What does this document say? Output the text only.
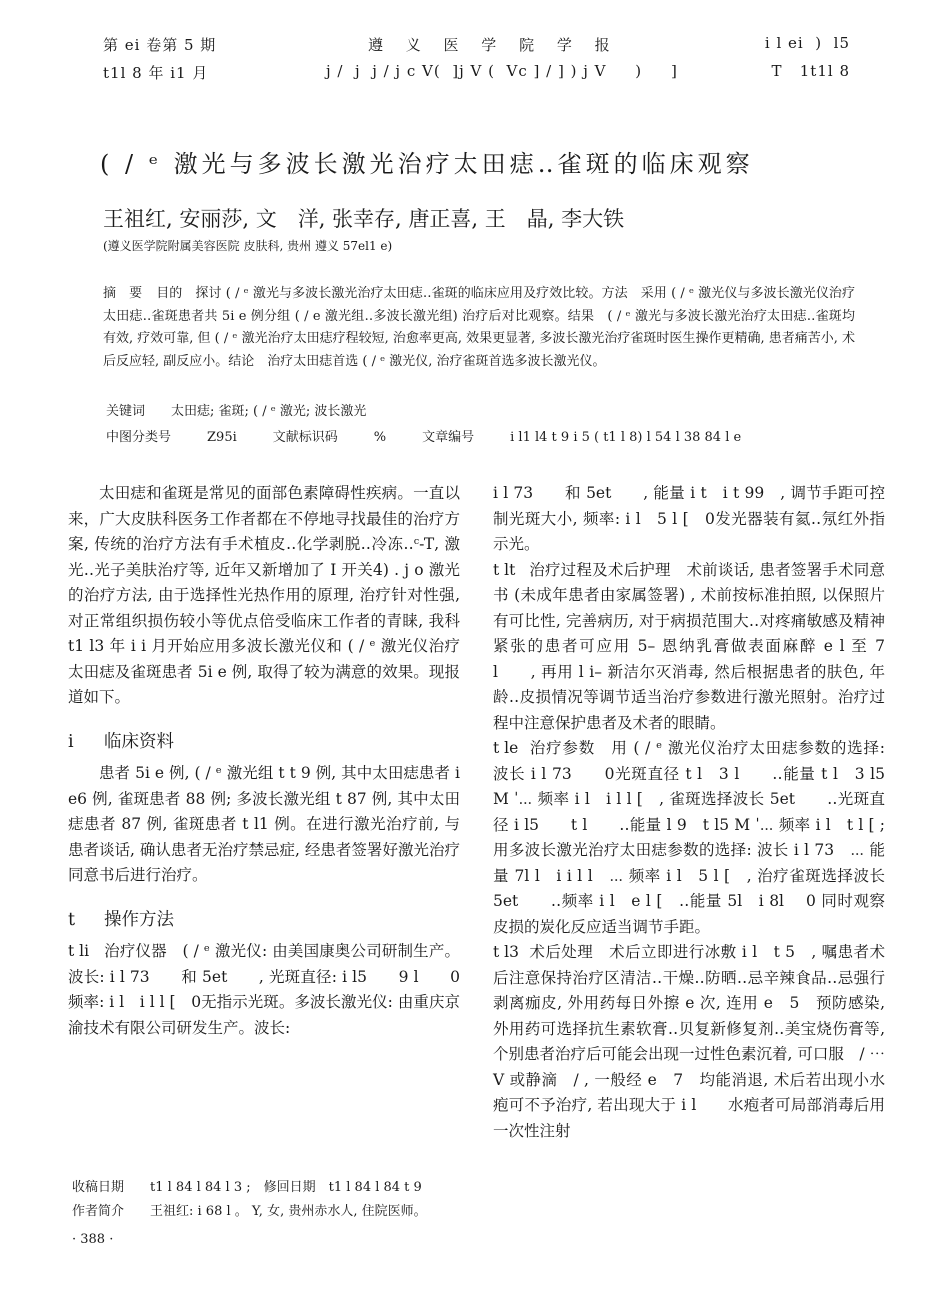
第 ei 卷第 5 期
t1l 8 年 i1 月
遵 义 医 学 院 学 报
j /  j  j / j c V(  ]j V (  Vc ] / ] ) j V     )     ]
i l ei  )  l5
T   1t1l 8
( / ᵉ 激光与多波长激光治疗太田痣‥雀斑的临床观察
王祖红, 安丽莎, 文　洋, 张幸存, 唐正喜, 王　晶, 李大铁
(遵义医学院附属美容医院 皮肤科, 贵州 遵义 57el1 e)
摘　要 目的　探讨 ( / ᵉ 激光与多波长激光治疗太田痣‥雀斑的临床应用及疗效比较。方法　采用 ( / ᵉ 激光仪与多波长激光仪治疗太田痣‥雀斑患者共 5i e 例分组 ( / e 激光组‥多波长激光组) 治疗后对比观察。结果　( / ᵉ 激光与多波长激光治疗太田痣‥雀斑均有效, 疗效可靠, 但 ( / ᵉ 激光治疗太田痣疗程较短, 治愈率更高, 效果更显著, 多波长激光治疗雀斑时医生操作更精确, 患者痛苦小, 术后反应轻, 副反应小。结论　治疗太田痣首选 ( / ᵉ 激光仪, 治疗雀斑首选多波长激光仪。
关键词 太田痣; 雀斑; ( / ᵉ 激光; 波长激光
中图分类号	Z95i	文献标识码	%	文章编号	i l1 l4 t 9 i 5 ( t1 l 8) l 54 l 38 84 l e

太田痣和雀斑是常见的面部色素障碍性疾病。一直以来，广大皮肤科医务工作者都在不停地寻找最佳的治疗方案, 传统的治疗方法有手术植皮‥化学剥脱‥冷冻‥ᶜ-T‚ 激光‥光子美肤治疗等, 近年又新增加了 I 开关4) . j o 激光的治疗方法, 由于选择性光热作用的原理, 治疗针对性强, 对正常组织损伤较小等优点倍受临床工作者的青睐, 我科 t1 l3 年 i i 月开始应用多波长激光仪和 ( / ᵉ 激光仪治疗太田痣及雀斑患者 5i e 例, 取得了较为满意的效果。现报道如下。

i 临床资料

患者 5i e 例, ( / ᵉ 激光组 t t 9 例, 其中太田痣患者 i e6 例, 雀斑患者 88 例; 多波长激光组 t 87 例, 其中太田痣患者 87 例, 雀斑患者 t l1 例。在进行激光治疗前, 与患者谈话, 确认患者无治疗禁忌症, 经患者签署好激光治疗同意书后进行治疗。

t 操作方法

t li 治疗仪器　( / ᵉ 激光仪: 由美国康奥公司研制生产。波长: i l 73　　和 5et　　, 光斑直径: i l5　　9 l　　0频率: i l　i l l [　0无指示光斑。多波长激光仪: 由重庆京渝技术有限公司研发生产。波长:

i l 73　　和 5et　　, 能量 i t　i t 99　, 调节手距可控制光斑大小, 频率: i l　5 l [　0发光器装有氦‥氖红外指示光。

t lt 治疗过程及术后护理　术前谈话, 患者签署手术同意书 (未成年患者由家属签署) , 术前按标准拍照, 以保照片有可比性, 完善病历, 对于病损范围大‥对疼痛敏感及精神紧张的患者可应用 5– 恩纳乳膏做表面麻醉 e l 至 7 l　　, 再用 l i– 新洁尔灭消毒, 然后根据患者的肤色, 年龄‥皮损情况等调节适当治疗参数进行激光照射。治疗过程中注意保护患者及术者的眼睛。

t le 治疗参数　用 ( / ᵉ 激光仪治疗太田痣参数的选择: 波长 i l 73　　0光斑直径 t l　3 l　　‥能量 t l　3 l5 M ˈ⋯ 频率 i l　i l l [　, 雀斑选择波长 5et　　‥光斑直径 i l5　　t l　　‥能量 l 9　t l5 M ˈ⋯ 频率 i l　t l [ ; 用多波长激光治疗太田痣参数的选择: 波长 i l 73　⋯ 能量 7l l　i i l l　⋯ 频率 i l　5 l [　, 治疗雀斑选择波长 5et　　‥频率 i l　e l [　‥能量 5l　i 8l　 0 同时观察皮损的炭化反应适当调节手距。

t l3 术后处理　术后立即进行冰敷 i l　t 5　, 嘱患者术后注意保持治疗区清洁‥干燥‥防晒‥忌辛辣食品‥忌强行剥离痂皮, 外用药每日外擦 e 次, 连用 e　5　预防感染, 外用药可选择抗生素软膏‥贝复新修复剂‥美宝烧伤膏等, 个别患者治疗后可能会出现一过性色素沉着, 可口服　/ ⋯　V 或静滴　/ , 一般经 e　7　均能消退, 术后若出现小水疱可不予治疗, 若出现大于 i l　　水疱者可局部消毒后用一次性注射

收稿日期 t1 l 84 l 84 l 3 ;　修回日期　t1 l 84 l 84 t 9
作者简介 王祖红: i 68 l 。 Y, 女, 贵州赤水人, 住院医师。
· 388 ·
